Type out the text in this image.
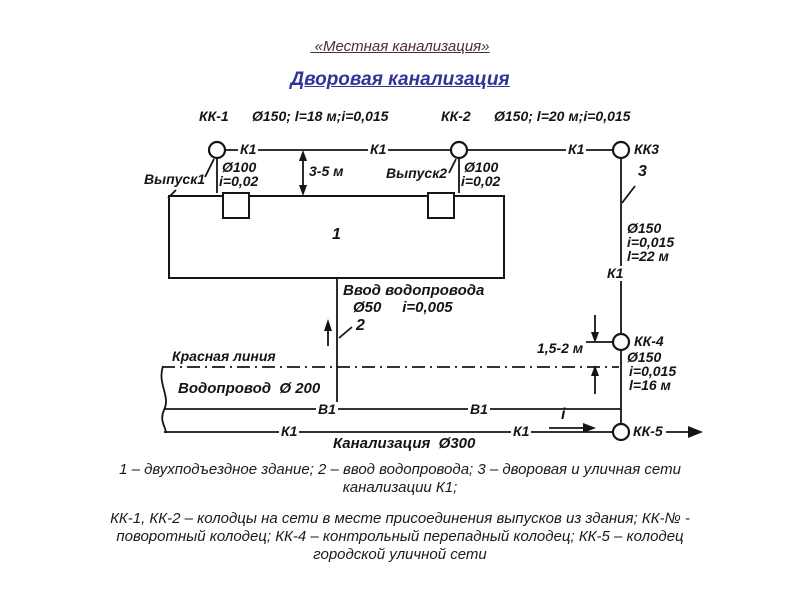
«Местная канализация»
Дворовая канализация
КК-1 Ø150; l=18 м;i=0,015	КК-2 Ø150; l=20 м;i=0,015
К1	К1	К1	КК3
Выпуск1
Ø100
i=0,02
3-5 м	Выпуск2 Ø100
i=0,02
1
3
Ø150
i=0,015
l=22 м
К1
Ввод водопровода
Ø50     i=0,005
2
Красная линия	1,5-2 м	КК-4
Ø150
i=0,015
l=16 м
Водопровод  Ø 200
В1	В1
К1	К1
i
Канализация  Ø300
КК-5
1 – двухподъездное здание; 2 – ввод водопровода; 3 – дворовая и уличная сети канализации К1;
КК-1, КК-2 – колодцы на сети в месте присоединения выпусков из здания; КК-№ - поворотный колодец; КК-4 – контрольный перепадный колодец; КК-5 – колодец городской уличной сети
